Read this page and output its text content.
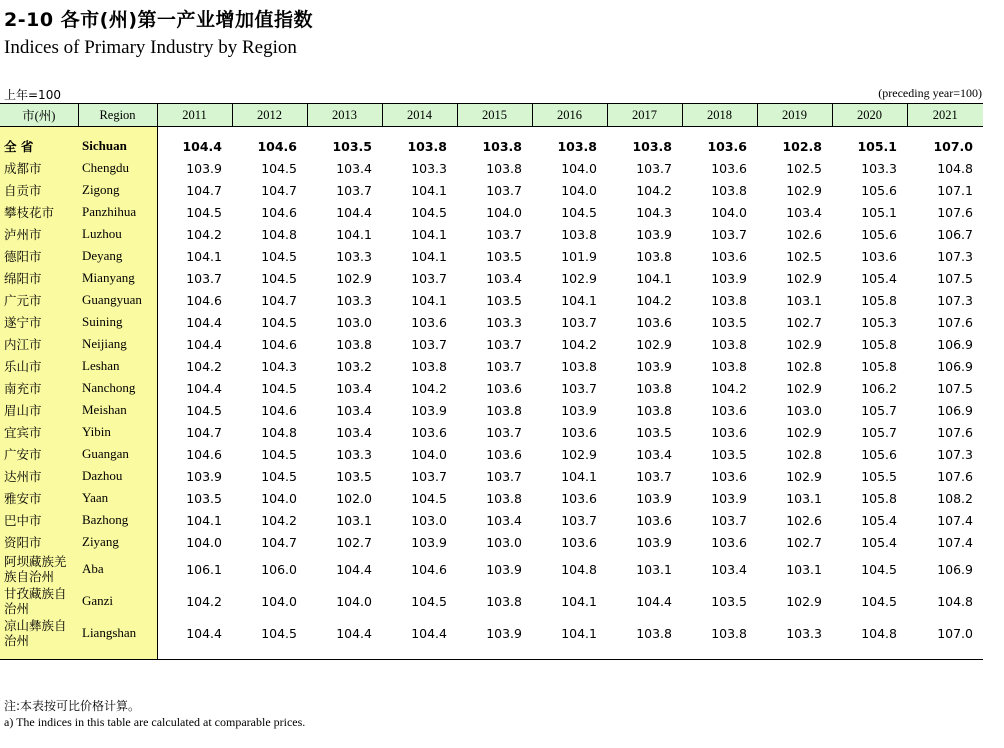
2-10 各市(州)第一产业增加值指数
Indices of Primary Industry by Region
上年=100	(preceding year=100)
市(州)	Region	2011	2012	2013	2014	2015	2016	2017	2018	2019	2020	2021

全 省	Sichuan	104.4	104.6	103.5	103.8	103.8	103.8	103.8	103.6	102.8	105.1	107.0
成都市	Chengdu	103.9	104.5	103.4	103.3	103.8	104.0	103.7	103.6	102.5	103.3	104.8
自贡市	Zigong	104.7	104.7	103.7	104.1	103.7	104.0	104.2	103.8	102.9	105.6	107.1
攀枝花市	Panzhihua	104.5	104.6	104.4	104.5	104.0	104.5	104.3	104.0	103.4	105.1	107.6
泸州市	Luzhou	104.2	104.8	104.1	104.1	103.7	103.8	103.9	103.7	102.6	105.6	106.7
德阳市	Deyang	104.1	104.5	103.3	104.1	103.5	101.9	103.8	103.6	102.5	103.6	107.3
绵阳市	Mianyang	103.7	104.5	102.9	103.7	103.4	102.9	104.1	103.9	102.9	105.4	107.5
广元市	Guangyuan	104.6	104.7	103.3	104.1	103.5	104.1	104.2	103.8	103.1	105.8	107.3
遂宁市	Suining	104.4	104.5	103.0	103.6	103.3	103.7	103.6	103.5	102.7	105.3	107.6
内江市	Neijiang	104.4	104.6	103.8	103.7	103.7	104.2	102.9	103.8	102.9	105.8	106.9
乐山市	Leshan	104.2	104.3	103.2	103.8	103.7	103.8	103.9	103.8	102.8	105.8	106.9
南充市	Nanchong	104.4	104.5	103.4	104.2	103.6	103.7	103.8	104.2	102.9	106.2	107.5
眉山市	Meishan	104.5	104.6	103.4	103.9	103.8	103.9	103.8	103.6	103.0	105.7	106.9
宜宾市	Yibin	104.7	104.8	103.4	103.6	103.7	103.6	103.5	103.6	102.9	105.7	107.6
广安市	Guangan	104.6	104.5	103.3	104.0	103.6	102.9	103.4	103.5	102.8	105.6	107.3
达州市	Dazhou	103.9	104.5	103.5	103.7	103.7	104.1	103.7	103.6	102.9	105.5	107.6
雅安市	Yaan	103.5	104.0	102.0	104.5	103.8	103.6	103.9	103.9	103.1	105.8	108.2
巴中市	Bazhong	104.1	104.2	103.1	103.0	103.4	103.7	103.6	103.7	102.6	105.4	107.4
资阳市	Ziyang	104.0	104.7	102.7	103.9	103.0	103.6	103.9	103.6	102.7	105.4	107.4
阿坝藏族羌族自治州	Aba	106.1	106.0	104.4	104.6	103.9	104.8	103.1	103.4	103.1	104.5	106.9
甘孜藏族自治州	Ganzi	104.2	104.0	104.0	104.5	103.8	104.1	104.4	103.5	102.9	104.5	104.8
凉山彝族自治州	Liangshan	104.4	104.5	104.4	104.4	103.9	104.1	103.8	103.8	103.3	104.8	107.0

注:本表按可比价格计算。
a) The indices in this table are calculated at comparable prices.
